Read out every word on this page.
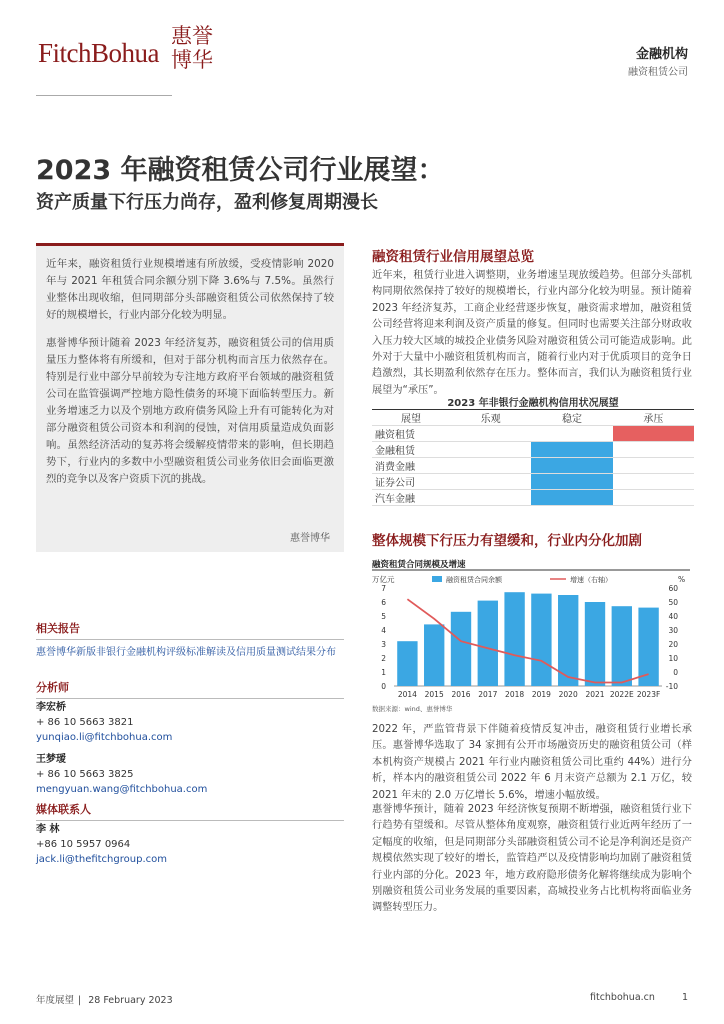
FitchBohua
惠誉 博华	金融机构
融资租赁公司
2023 年融资租赁公司行业展望：
资产质量下行压力尚存，盈利修复周期漫长

近年来，融资租赁行业规模增速有所放缓，受疫情影响 2020 年与 2021 年租赁合同余额分别下降 3.6%与 7.5%。虽然行业整体出现收缩，但同期部分头部融资租赁公司依然保持了较好的规模增长，行业内部分化较为明显。

惠誉博华预计随着 2023 年经济复苏，融资租赁公司的信用质量压力整体将有所缓和，但对于部分机构而言压力依然存在。特别是行业中部分早前较为专注地方政府平台领域的融资租赁公司在监管强调严控地方隐性债务的环境下面临转型压力。新业务增速乏力以及个别地方政府债务风险上升有可能转化为对部分融资租赁公司资本和利润的侵蚀，对信用质量造成负面影响。虽然经济活动的复苏将会缓解疫情带来的影响，但长期趋势下，行业内的多数中小型融资租赁公司业务依旧会面临更激烈的竞争以及客户资质下沉的挑战。

惠誉博华
相关报告
惠誉博华新版非银行金融机构评级标准解读及信用质量测试结果分布
分析师
李宏桥
+ 86 10 5663 3821
yunqiao.li@fitchbohua.com
王梦瑷
+ 86 10 5663 3825
mengyuan.wang@fitchbohua.com
媒体联系人
李 林
+86 10 5957 0964
jack.li@thefitchgroup.com
融资租赁行业信用展望总览
近年来，租赁行业进入调整期，业务增速呈现放缓趋势。但部分头部机构同期依然保持了较好的规模增长，行业内部分化较为明显。预计随着 2023 年经济复苏，工商企业经营逐步恢复，融资需求增加，融资租赁公司经营将迎来利润及资产质量的修复。但同时也需要关注部分财政收入压力较大区域的城投企业债务风险对融资租赁公司可能造成影响。此外对于大量中小融资租赁机构而言，随着行业内对于优质项目的竞争日趋激烈，其长期盈利依然存在压力。整体而言，我们认为融资租赁行业展望为“承压”。
2023 年非银行金融机构信用状况展望			
展望	乐观	稳定	承压
融资租赁			
金融租赁			
消费金融			
证券公司			
汽车金融			
整体规模下行压力有望缓和，行业内分化加剧
融资租赁合同规模及增速
万亿元	%
融资租赁合同余额	增速（右轴）
0
1
2
3
4
5
6
7
-10
0
10
20
30
40
50
60
2014 2015 2016 2017 2018 2019 2020 2021 2022E 2023F
数据来源：wind、惠誉博华
2022 年，严监管背景下伴随着疫情反复冲击，融资租赁行业增长承压。惠誉博华选取了 34 家拥有公开市场融资历史的融资租赁公司（样本机构资产规模占 2021 年行业内融资租赁公司比重约 44%）进行分析，样本内的融资租赁公司 2022 年 6 月末资产总额为 2.1 万亿，较 2021 年末的 2.0 万亿增长 5.6%，增速小幅放缓。
惠誉博华预计，随着 2023 年经济恢复预期不断增强，融资租赁行业下行趋势有望缓和。尽管从整体角度观察，融资租赁行业近两年经历了一定幅度的收缩，但是同期部分头部融资租赁公司不论是净利润还是资产规模依然实现了较好的增长，监管趋严以及疫情影响均加剧了融资租赁行业内部的分化。2023 年，地方政府隐形债务化解将继续成为影响个别融资租赁公司业务发展的重要因素，高城投业务占比机构将面临业务调整转型压力。
年度展望 | 28 February 2023	fitchbohua.cn	1
